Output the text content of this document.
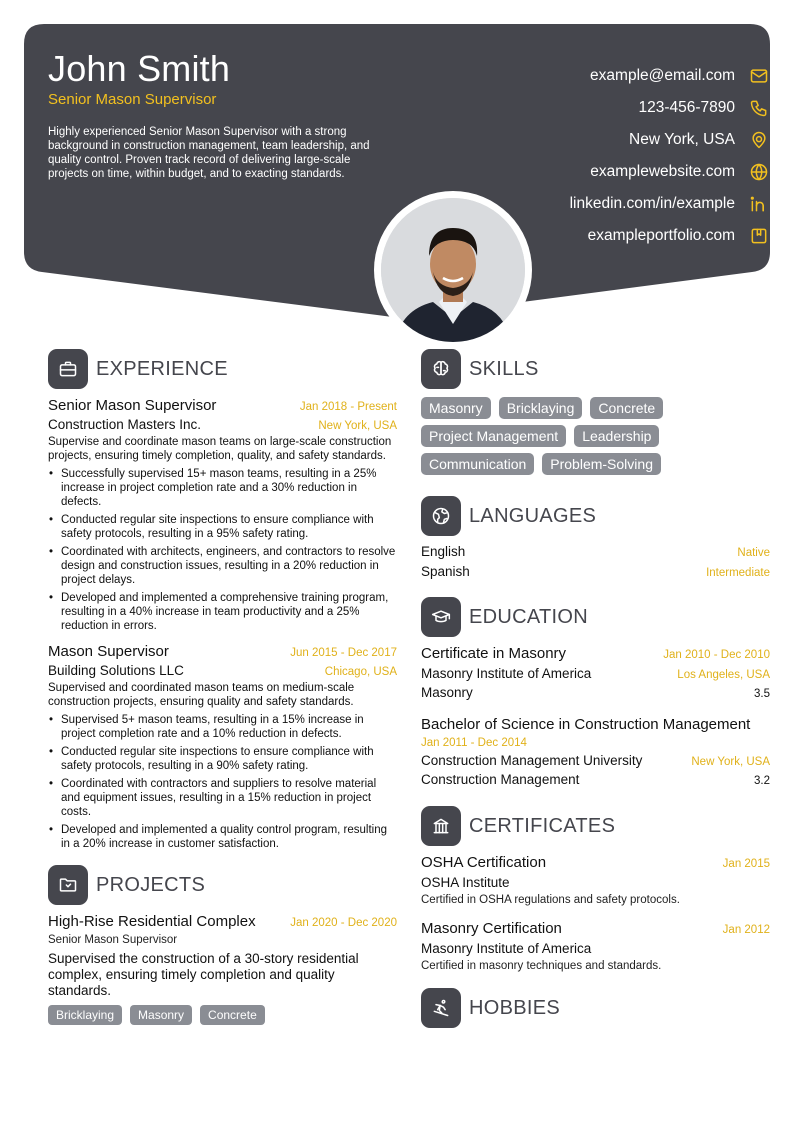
John Smith
Senior Mason Supervisor
Highly experienced Senior Mason Supervisor with a strong background in construction management, team leadership, and quality control. Proven track record of delivering large-scale projects on time, within budget, and to exacting standards.
example@email.com
123-456-7890
New York, USA
examplewebsite.com
linkedin.com/in/example
exampleportfolio.com
EXPERIENCE
Senior Mason Supervisor	Jan 2018 - Present
Construction Masters Inc.	New York, USA
Supervise and coordinate mason teams on large-scale construction projects, ensuring timely completion, quality, and safety standards.
• Successfully supervised 15+ mason teams, resulting in a 25% increase in project completion rate and a 30% reduction in defects.
• Conducted regular site inspections to ensure compliance with safety protocols, resulting in a 95% safety rating.
• Coordinated with architects, engineers, and contractors to resolve design and construction issues, resulting in a 20% reduction in project delays.
• Developed and implemented a comprehensive training program, resulting in a 40% increase in team productivity and a 25% reduction in errors.
Mason Supervisor	Jun 2015 - Dec 2017
Building Solutions LLC	Chicago, USA
Supervised and coordinated mason teams on medium-scale construction projects, ensuring quality and safety standards.
• Supervised 5+ mason teams, resulting in a 15% increase in project completion rate and a 10% reduction in defects.
• Conducted regular site inspections to ensure compliance with safety protocols, resulting in a 90% safety rating.
• Coordinated with contractors and suppliers to resolve material and equipment issues, resulting in a 15% reduction in project costs.
• Developed and implemented a quality control program, resulting in a 20% increase in customer satisfaction.
PROJECTS
High-Rise Residential Complex	Jan 2020 - Dec 2020
Senior Mason Supervisor
Supervised the construction of a 30-story residential complex, ensuring timely completion and quality standards.
Bricklaying	Masonry	Concrete
SKILLS
Masonry	Bricklaying	Concrete
Project Management	Leadership
Communication	Problem-Solving
LANGUAGES
English	Native
Spanish	Intermediate
EDUCATION
Certificate in Masonry	Jan 2010 - Dec 2010
Masonry Institute of America	Los Angeles, USA
Masonry	3.5
Bachelor of Science in Construction Management
Jan 2011 - Dec 2014
Construction Management University	New York, USA
Construction Management	3.2
CERTIFICATES
OSHA Certification	Jan 2015
OSHA Institute
Certified in OSHA regulations and safety protocols.
Masonry Certification	Jan 2012
Masonry Institute of America
Certified in masonry techniques and standards.
HOBBIES
